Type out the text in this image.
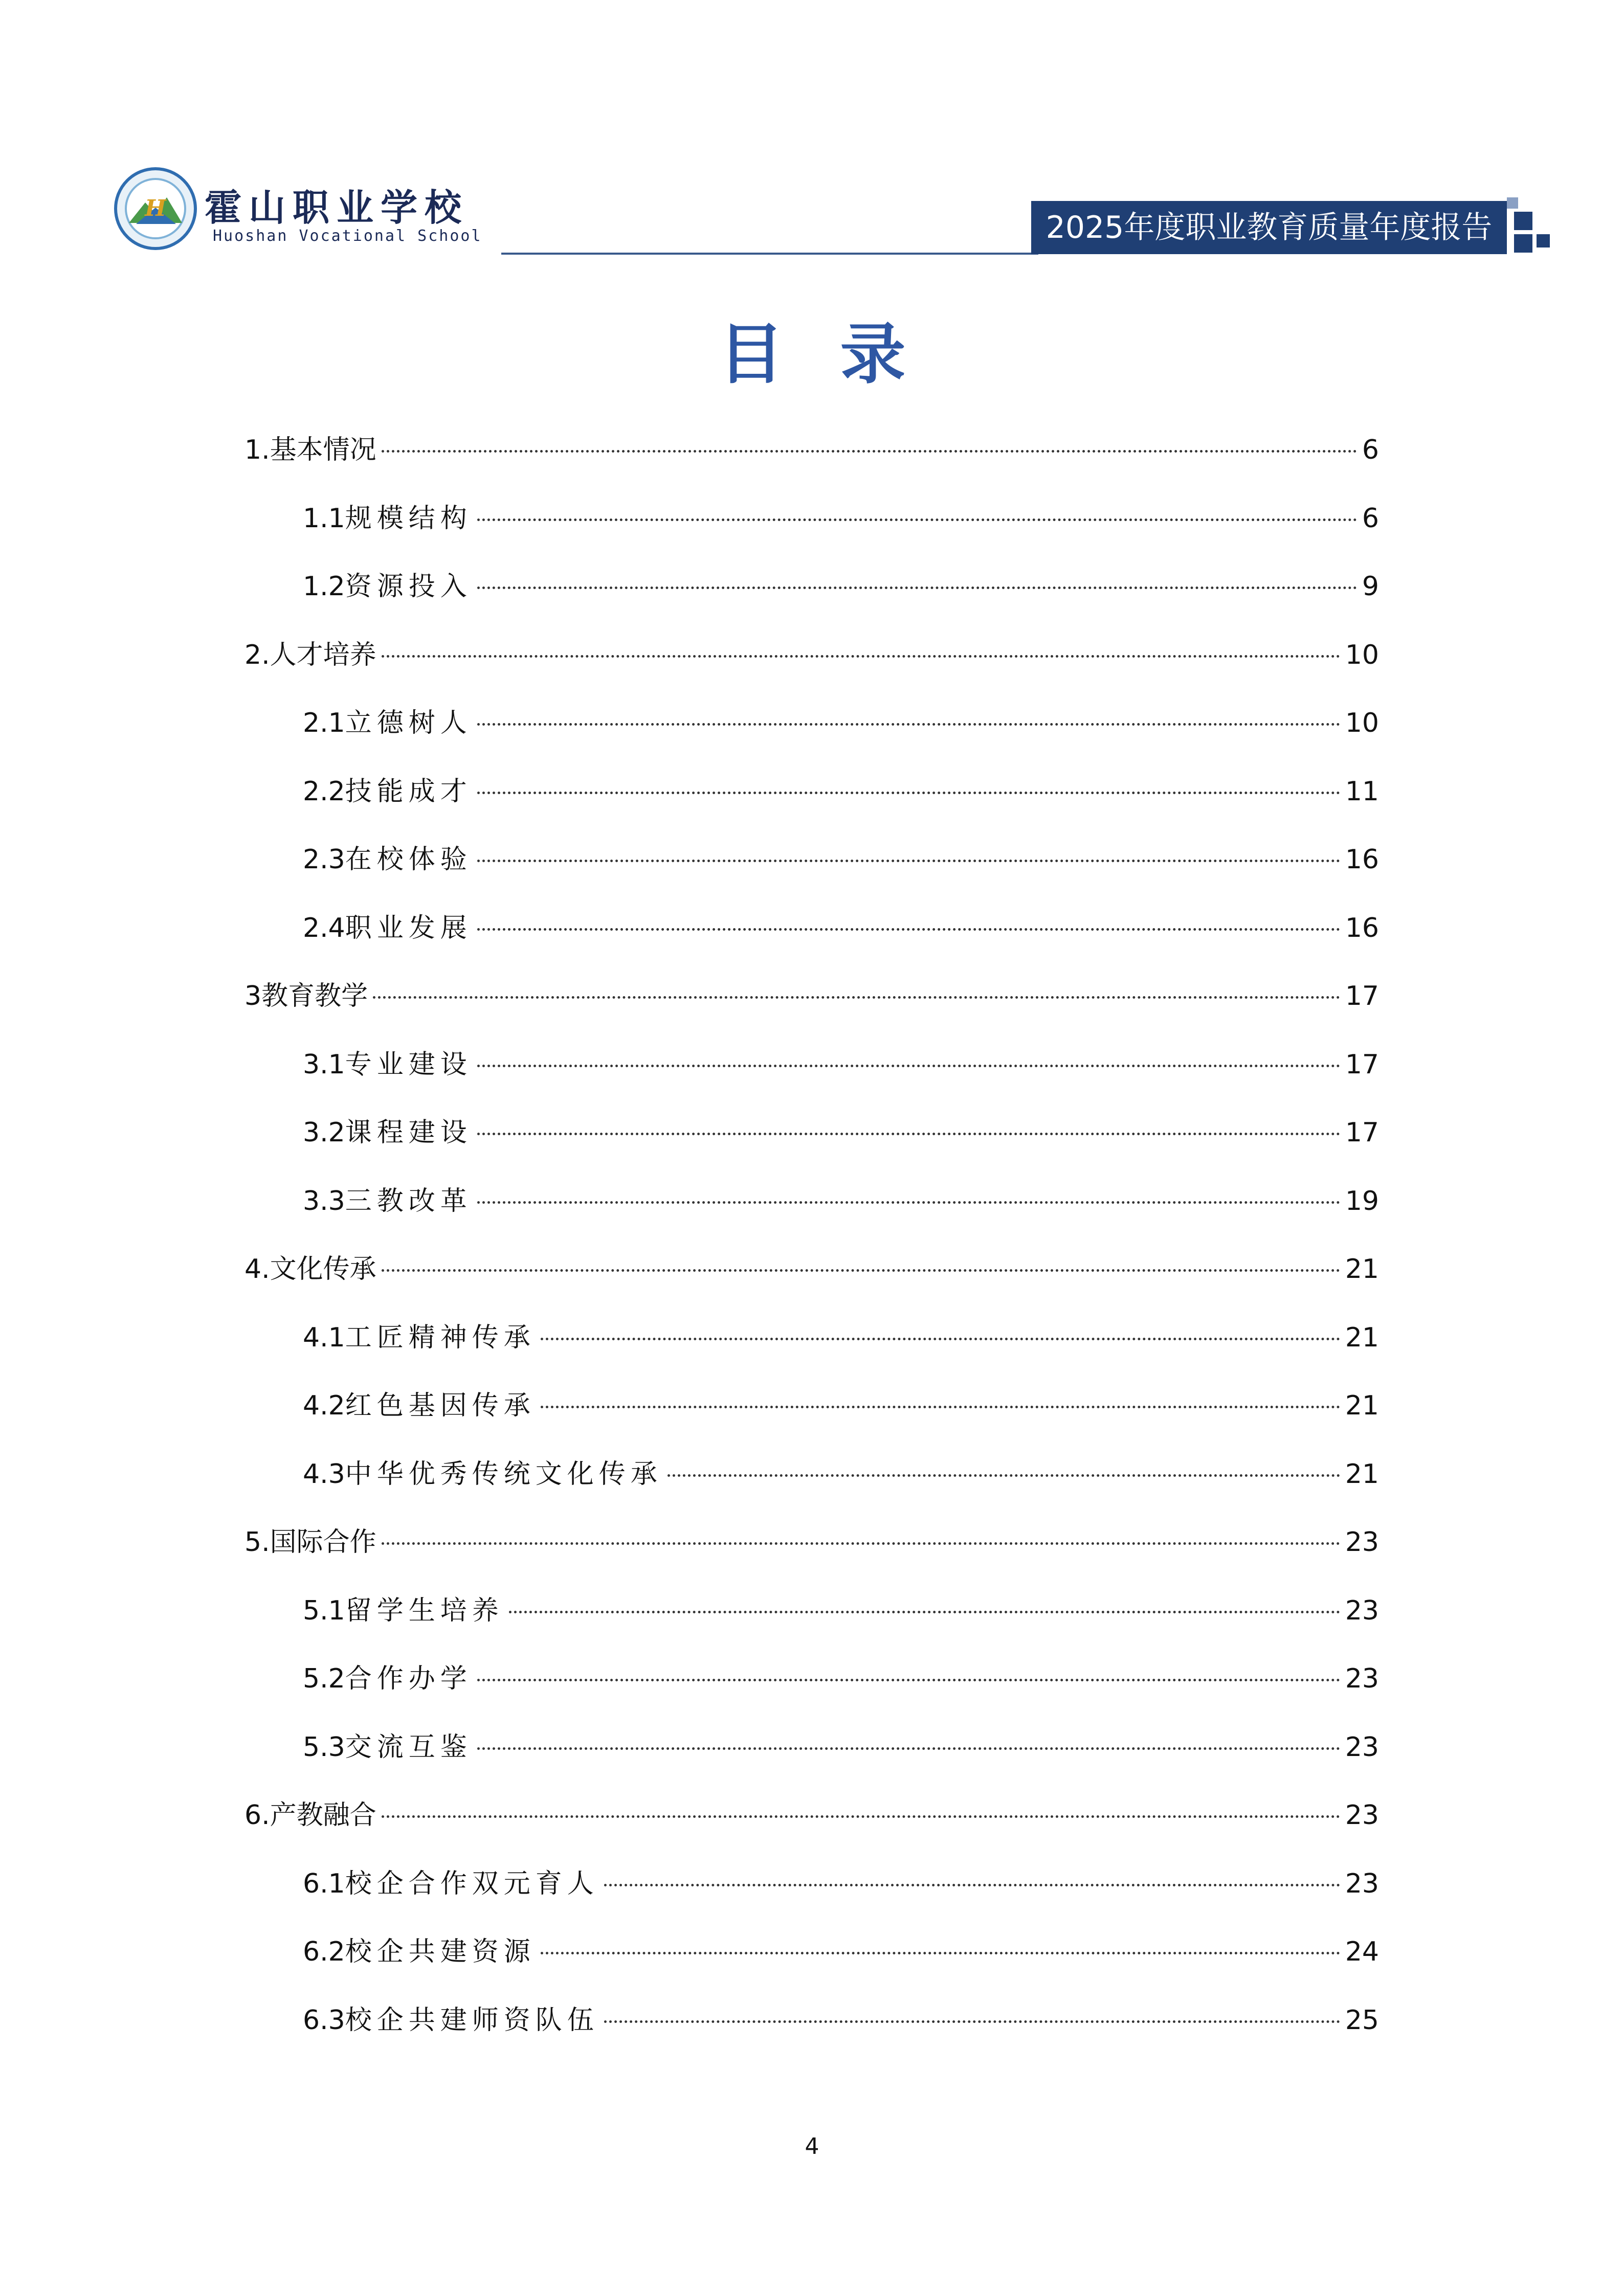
H 霍山职业学校
Huoshan Vocational School	2025年度职业教育质量年度报告
目录
1. 基本情况	6
1.1 规模结构	6
1.2 资源投入	9
2. 人才培养	10
2.1 立德树人	10
2.2 技能成才	11
2.3 在校体验	16
2.4 职业发展	16
3 教育教学	17
3.1 专业建设	17
3.2 课程建设	17
3.3 三教改革	19
4. 文化传承	21
4.1 工匠精神传承	21
4.2 红色基因传承	21
4.3 中华优秀传统文化传承	21
5. 国际合作	23
5.1 留学生培养	23
5.2 合作办学	23
5.3 交流互鉴	23
6. 产教融合	23
6.1 校企合作双元育人	23
6.2 校企共建资源	24
6.3 校企共建师资队伍	25
4
